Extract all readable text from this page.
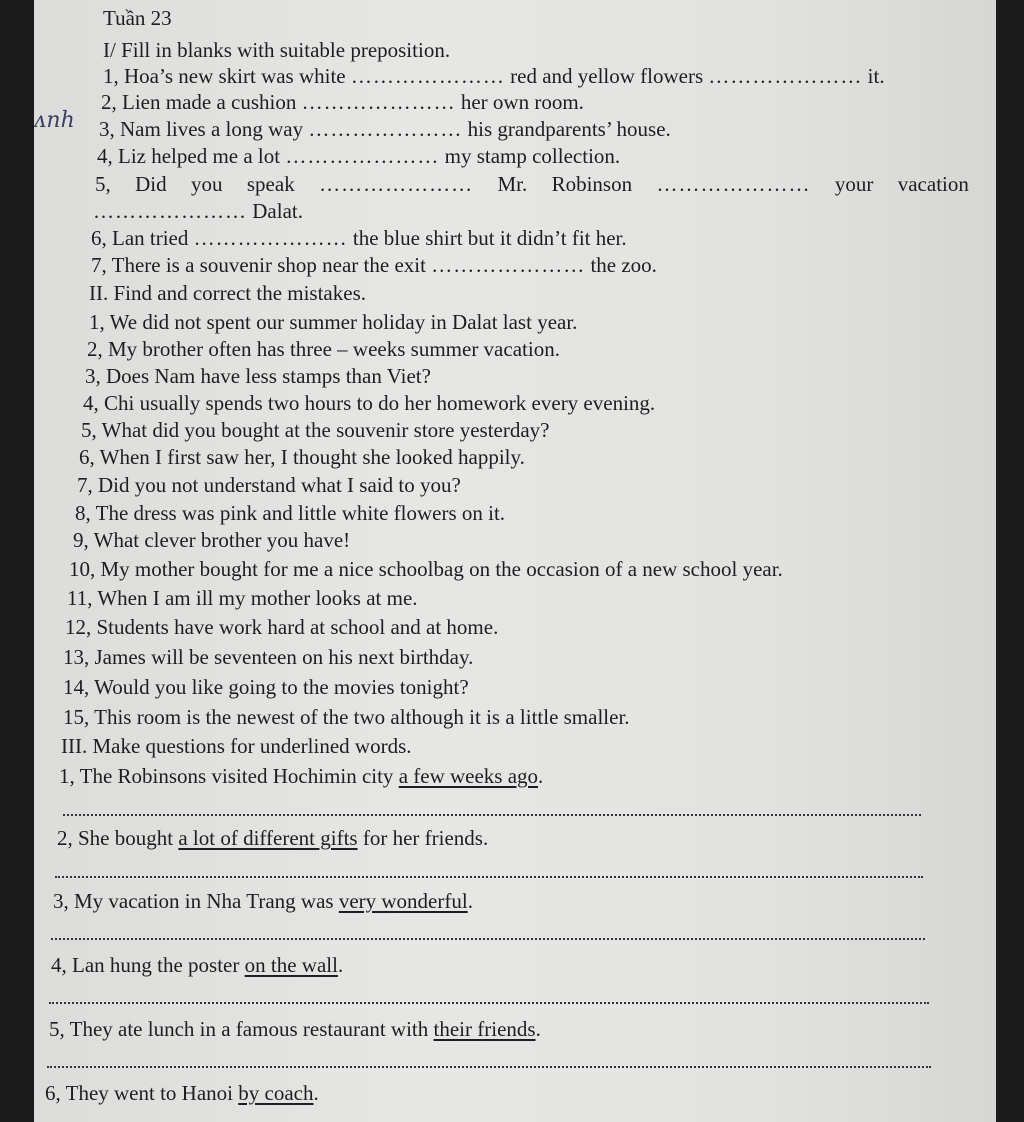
ᴧnh
Tuần 23
I/ Fill in blanks with suitable preposition.
1, Hoa’s new skirt was white ………………… red and yellow flowers ………………… it.
2, Lien made a cushion ………………… her own room.
3, Nam lives a long way ………………… his grandparents’ house.
4, Liz helped me a lot ………………… my stamp collection.
5, Did you speak ………………… Mr. Robinson ………………… your vacation
………………… Dalat.
6, Lan tried ………………… the blue shirt but it didn’t fit her.
7, There is a souvenir shop near the exit ………………… the zoo.
II. Find and correct the mistakes.
1, We did not spent our summer holiday in Dalat last year.
2, My brother often has three – weeks summer vacation.
3, Does Nam have less stamps than Viet?
4, Chi usually spends two hours to do her homework every evening.
5, What did you bought at the souvenir store yesterday?
6, When I first saw her, I thought she looked happily.
7, Did you not understand what I said to you?
8, The dress was pink and little white flowers on it.
9, What clever brother you have!
10, My mother bought for me a nice schoolbag on the occasion of a new school year.
11, When I am ill my mother looks at me.
12, Students have work hard at school and at home.
13, James will be seventeen on his next birthday.
14, Would you like going to the movies tonight?
15, This room is the newest of the two although it is a little smaller.
III. Make questions for underlined words.
1, The Robinsons visited Hochimin city a few weeks ago.
2, She bought a lot of different gifts for her friends.
3, My vacation in Nha Trang was very wonderful.
4, Lan hung the poster on the wall.
5, They ate lunch in a famous restaurant with their friends.
6, They went to Hanoi by coach.
